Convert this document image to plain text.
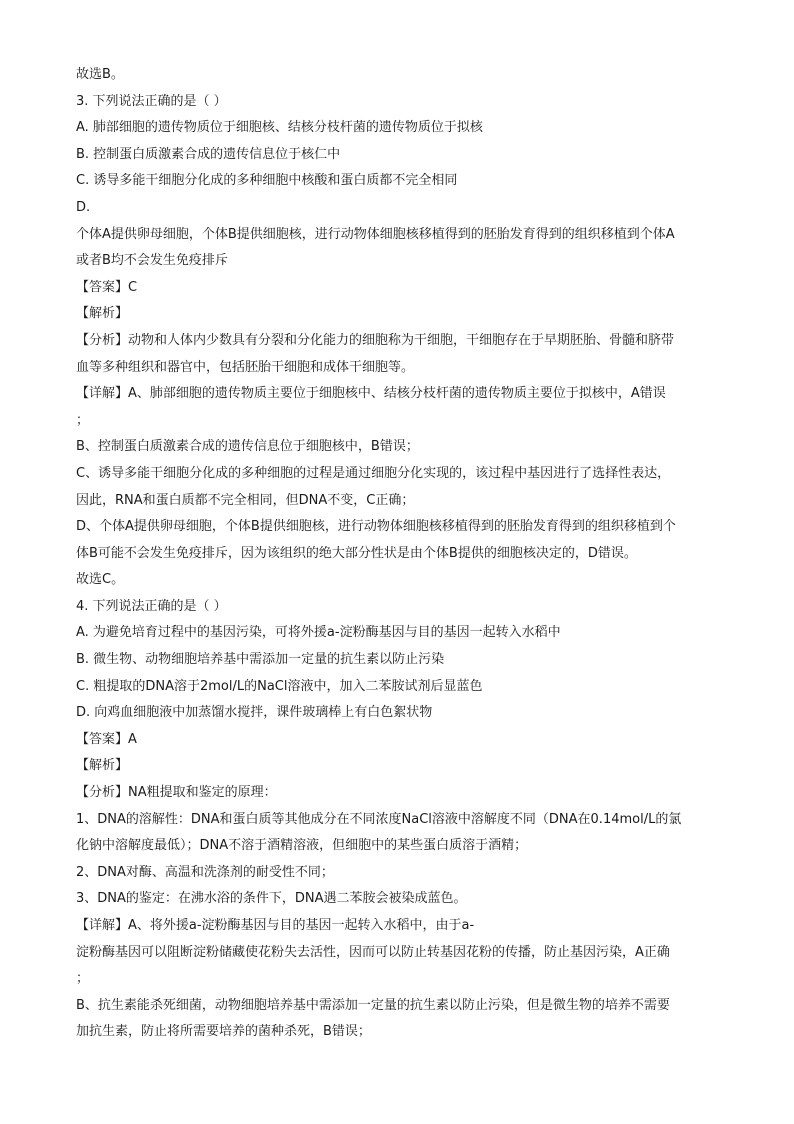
故选B。
3. 下列说法正确的是（ ）
A. 肺部细胞的遗传物质位于细胞核、结核分枝杆菌的遗传物质位于拟核
B. 控制蛋白质激素合成的遗传信息位于核仁中
C. 诱导多能干细胞分化成的多种细胞中核酸和蛋白质都不完全相同
D.
个体A提供卵母细胞，个体B提供细胞核，进行动物体细胞核移植得到的胚胎发育得到的组织移植到个体A
或者B均不会发生免疫排斥
【答案】C
【解析】
【分析】动物和人体内少数具有分裂和分化能力的细胞称为干细胞，干细胞存在于早期胚胎、骨髓和脐带
血等多种组织和器官中，包括胚胎干细胞和成体干细胞等。
【详解】A、肺部细胞的遗传物质主要位于细胞核中、结核分枝杆菌的遗传物质主要位于拟核中，A错误
；
B、控制蛋白质激素合成的遗传信息位于细胞核中，B错误；
C、诱导多能干细胞分化成的多种细胞的过程是通过细胞分化实现的，该过程中基因进行了选择性表达，
因此，RNA和蛋白质都不完全相同，但DNA不变，C正确；
D、个体A提供卵母细胞，个体B提供细胞核，进行动物体细胞核移植得到的胚胎发育得到的组织移植到个
体B可能不会发生免疫排斥，因为该组织的绝大部分性状是由个体B提供的细胞核决定的，D错误。
故选C。
4. 下列说法正确的是（ ）
A. 为避免培育过程中的基因污染，可将外援a-淀粉酶基因与目的基因一起转入水稻中
B. 微生物、动物细胞培养基中需添加一定量的抗生素以防止污染
C. 粗提取的DNA溶于2mol/L的NaCl溶液中，加入二苯胺试剂后显蓝色
D. 向鸡血细胞液中加蒸馏水搅拌，课件玻璃棒上有白色絮状物
【答案】A
【解析】
【分析】NA粗提取和鉴定的原理：
1、DNA的溶解性：DNA和蛋白质等其他成分在不同浓度NaCl溶液中溶解度不同（DNA在0.14mol/L的氯
化钠中溶解度最低）；DNA不溶于酒精溶液，但细胞中的某些蛋白质溶于酒精；
2、DNA对酶、高温和洗涤剂的耐受性不同；
3、DNA的鉴定：在沸水浴的条件下，DNA遇二苯胺会被染成蓝色。
【详解】A、将外援a-淀粉酶基因与目的基因一起转入水稻中，由于a-
淀粉酶基因可以阻断淀粉储藏使花粉失去活性，因而可以防止转基因花粉的传播，防止基因污染，A正确
；
B、抗生素能杀死细菌，动物细胞培养基中需添加一定量的抗生素以防止污染，但是微生物的培养不需要
加抗生素，防止将所需要培养的菌种杀死，B错误；
